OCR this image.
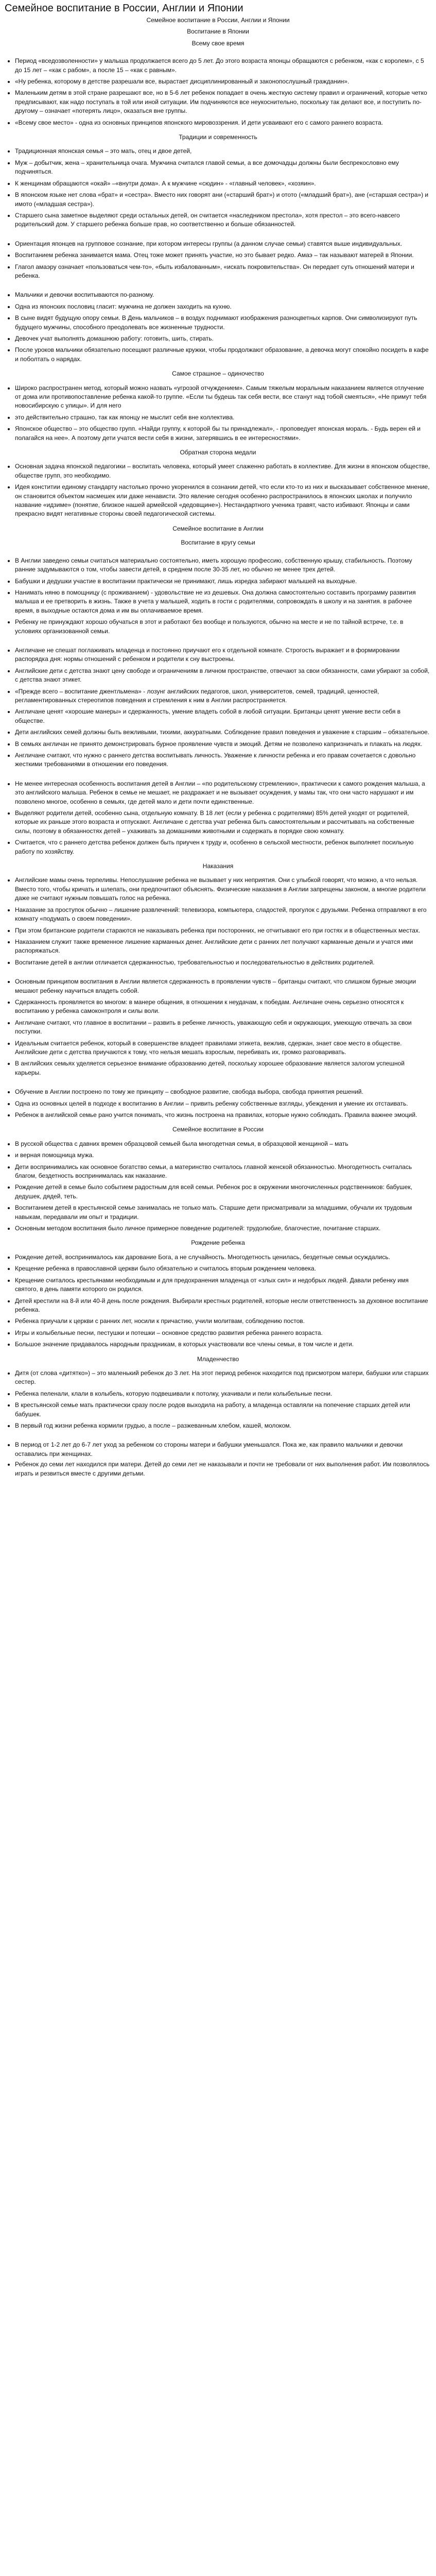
Семейное воспитание в России, Англии и Японии
Семейное воспитание в России, Англии и Японии
Воспитание в Японии
Всему свое время
• Период «вседозволенности» у малыша продолжается всего до 5 лет. До этого возраста японцы обращаются с ребенком, «как с королем», с 5 до 15 лет – «как с рабом», а после 15 – «как с равным».
• «Ну ребенка, которому в детстве разрешали все, вырастает дисциплинированный и законопослушный гражданин».
• Маленьким детям в этой стране разрешают все, но в 5-6 лет ребенок попадает в очень жесткую систему правил и ограничений, которые четко предписывают, как надо поступать в той или иной ситуации. Им подчиняются все неукоснительно, поскольку так делают все, и поступить по-другому – означает «потерять лицо», оказаться вне группы.
• «Всему свое место» - одна из основных принципов японского мировоззрения. И дети усваивают его с самого раннего возраста.
Традиции и современность
• Традиционная японская семья – это мать, отец и двое детей,
• Муж – добытчик, жена – хранительница очага. Мужчина считался главой семьи, а все домочадцы должны были беспрекословно ему подчиняться.
• К женщинам обращаются «окай» –«внутри дома». А к мужчине «сюдин» - «главный человек», «хозяин».
• В японском языке нет слова «брат» и «сестра». Вместо них говорят ани («старший брат») и отото («младший брат»), ане («старшая сестра») и имото («младшая сестра»).
• Старшего сына заметное выделяют среди остальных детей, он считается «наследником престола», хотя престол – это всего-навсего родительский дом. У старшего ребенка больше прав, но соответственно и больше обязанностей.
• Ориентация японцев на групповое сознание, при котором интересы группы (а данном случае семьи) ставятся выше индивидуальных.
• Воспитанием ребенка занимается мама. Отец тоже может принять участие, но это бывает редко. Амаэ – так называют матерей в Японии.
• Глагол амаэру означает «пользоваться чем-то», «быть избалованным», «искать покровительства». Он передает суть отношений матери и ребенка.
• Мальчики и девочки воспитываются по-разному.
• Одна из японских пословиц гласит: мужчина не должен заходить на кухню.
• В сыне видят будущую опору семьи. В День мальчиков – в воздух поднимают изображения разноцветных карпов. Они символизируют путь будущего мужчины, способного преодолевать все жизненные трудности.
• Девочек учат выполнять домашнюю работу: готовить, шить, стирать.
• После уроков мальчики обязательно посещают различные кружки, чтобы продолжают образование, а девочка могут спокойно посидеть в кафе и поболтать о нарядах.
Самое страшное – одиночество
• Широко распространен метод, который можно назвать «угрозой отчуждением». Самым тяжелым моральным наказанием является отлучение от дома или противопоставление ребенка какой-то группе. «Если ты будешь так себя вести, все станут над тобой смеяться», «Не примут тебя новосибирскую с улицы». И для него
• это действительно страшно, так как японцу не мыслит себя вне коллектива.
• Японское общество – это общество групп. «Найди группу, к которой бы ты принадлежал», - проповедует японская мораль. - Будь верен ей и полагайся на нее». А поэтому дети учатся вести себя в жизни, затерявшись в ее интересностями».
Обратная сторона медали
• Основная задача японской педагогики – воспитать человека, который умеет слаженно работать в коллективе. Для жизни в японском обществе, обществе групп, это необходимо.
• Идея конститии единому стандарту настолько прочно укоренился в сознании детей, что если кто-то из них и высказывает собственное мнение, он становится объектом насмешек или даже ненависти. Это явление сегодня особенно распространилось в японских школах и получило название «идзиме» (понятие, близкое нашей армейской «дедовщине»). Нестандартного ученика травят, часто избивают. Японцы и сами прекрасно видят негативные стороны своей педагогической системы.
Семейное воспитание в Англии
Воспитание в кругу семьи
• В Англии заведено семьи считаться материально состоятельно, иметь хорошую профессию, собственную крышу, стабильность. Поэтому ранние задумываются о том, чтобы завести детей, в среднем после 30-35 лет, но обычно не менее трех детей.
• Бабушки и дедушки участие в воспитании практически не принимают, лишь изредка забирают малышей на выходные.
• Нанимать няню в помощницу (с проживанием) - удовольствие не из дешевых. Она должна самостоятельно составить программу развития малыша и ее претворить в жизнь. Также в учета у малышей, ходить в гости с родителями, сопровождать в школу и на занятия. в рабочее время, в выходные остаются дома и им вы оплачиваемое время.
• Ребенку не принуждают хорошо обучаться в этот и работают без вообще и пользуются, обычно на месте и не по тайной встрече, т.е. в условиях организованной семьи.
• Англичане не спешат поглаживать младенца и постоянно приучают его к отдельной комнате. Строгость выражает и в формировании распорядка дня: нормы отношений с ребенком и родители к сну выстроены.
• Английские дети с детства знают цену свободе и ограничениям в личном пространстве, отвечают за свои обязанности, сами убирают за собой, с детства знают этикет.
• «Прежде всего – воспитание джентльмена» - лозунг английских педагогов, школ, университетов, семей, традиций, ценностей, регламентированных стереотипов поведения и стремления к ним в Англии распространяется.
• Англичане ценят «хорошие манеры» и сдержанность, умение владеть собой в любой ситуации. Британцы ценят умение вести себя в обществе.
• Дети английских семей должны быть вежливыми, тихими, аккуратными. Соблюдение правил поведения и уважение к старшим – обязательное.
• В семьях англичан не принято демонстрировать бурное проявление чувств и эмоций. Детям не позволено капризничать и плакать на людях.
• Англичане считают, что нужно с раннего детства воспитывать личность. Уважение к личности ребенка и его правам сочетается с довольно жесткими требованиями в отношении его поведения.
• Не менее интересная особенность воспитания детей в Англии – «по родительскому стремлению», практически к самого рождения малыша, а это английского малыша. Ребенок в семье не мешает, не раздражает и не вызывает осуждения, у мамы так, что они часто нарушают и им позволено многое, особенно в семьях, где детей мало и дети почти единственные.
• Выделяют родители детей, особенно сына, отдельную комнату. В 18 лет (если у ребенка с родителями) 85% детей уходят от родителей, которые их раньше этого возраста и отпускают. Англичане с детства учат ребенка быть самостоятельным и рассчитывать на собственные силы, поэтому в обязанностях детей – ухаживать за домашними животными и содержать в порядке свою комнату.
• Считается, что с раннего детства ребенок должен быть приучен к труду и, особенно в сельской местности, ребенок выполняет посильную работу по хозяйству.
Наказания
• Английские мамы очень терпеливы. Непослушание ребенка не вызывает у них неприятия. Они с улыбкой говорят, что можно, а что нельзя. Вместо того, чтобы кричать и шлепать, они предпочитают объяснять. Физические наказания в Англии запрещены законом, а многие родители даже не считают нужным повышать голос на ребенка.
• Наказание за проступок обычно – лишение развлечений: телевизора, компьютера, сладостей, прогулок с друзьями. Ребенка отправляют в его комнату «подумать о своем поведении».
• При этом британские родители стараются не наказывать ребенка при посторонних, не отчитывают его при гостях и в общественных местах.
• Наказанием служит также временное лишение карманных денег. Английские дети с ранних лет получают карманные деньги и учатся ими распоряжаться.
• Воспитание детей в англии отличается сдержанностью, требовательностью и последовательностью в действиях родителей.
• Основным принципом воспитания в Англии является сдержанность в проявлении чувств – британцы считают, что слишком бурные эмоции мешают ребенку научиться владеть собой.
• Сдержанность проявляется во многом: в манере общения, в отношении к неудачам, к победам. Англичане очень серьезно относятся к воспитанию у ребенка самоконтроля и силы воли.
• Англичане считают, что главное в воспитании – развить в ребенке личность, уважающую себя и окружающих, умеющую отвечать за свои поступки.
• Идеальным считается ребенок, который в совершенстве владеет правилами этикета, вежлив, сдержан, знает свое место в обществе. Английские дети с детства приучаются к тому, что нельзя мешать взрослым, перебивать их, громко разговаривать.
• В английских семьях уделяется серьезное внимание образованию детей, поскольку хорошее образование является залогом успешной карьеры.
• Обучение в Англии построено по тому же принципу – свободное развитие, свобода выбора, свобода принятия решений.
• Одна из основных целей в подходе к воспитанию в Англии – привить ребенку собственные взгляды, убеждения и умение их отстаивать.
• Ребенок в английской семье рано учится понимать, что жизнь построена на правилах, которые нужно соблюдать. Правила важнее эмоций.
Семейное воспитание в России
• В русской общества с давних времен образцовой семьей была многодетная семья, в образцовой женщиной – мать
• и верная помощница мужа.
• Дети воспринимались как основное богатство семьи, а материнство считалось главной женской обязанностью. Многодетность считалась благом, бездетность воспринималась как наказание.
• Рождение детей в семье было событием радостным для всей семьи. Ребенок рос в окружении многочисленных родственников: бабушек, дедушек, дядей, теть.
• Воспитанием детей в крестьянской семье занималась не только мать. Старшие дети присматривали за младшими, обучали их трудовым навыкам, передавали им опыт и традиции.
• Основным методом воспитания было личное примерное поведение родителей: трудолюбие, благочестие, почитание старших.
Рождение ребенка
• Рождение детей, воспринималось как дарование Бога, а не случайность. Многодетность ценилась, бездетные семьи осуждались.
• Крещение ребенка в православной церкви было обязательно и считалось вторым рождением человека.
• Крещение считалось крестьянами необходимым и для предохранения младенца от «злых сил» и недобрых людей. Давали ребенку имя святого, в день памяти которого он родился.
• Детей крестили на 8-й или 40-й день после рождения. Выбирали крестных родителей, которые несли ответственность за духовное воспитание ребенка.
• Ребенка приучали к церкви с ранних лет, носили к причастию, учили молитвам, соблюдению постов.
• Игры и колыбельные песни, пестушки и потешки – основное средство развития ребенка раннего возраста.
• Большое значение придавалось народным праздникам, в которых участвовали все члены семьи, в том числе и дети.
Младенчество
• Дитя (от слова «дитятко») – это маленький ребенок до 3 лет. На этот период ребенок находится под присмотром матери, бабушки или старших сестер.
• Ребенка пеленали, клали в колыбель, которую подвешивали к потолку, укачивали и пели колыбельные песни.
• В крестьянской семье мать практически сразу после родов выходила на работу, а младенца оставляли на попечение старших детей или бабушек.
• В первый год жизни ребенка кормили грудью, а после – разжеванным хлебом, кашей, молоком.
• В период от 1-2 лет до 6-7 лет уход за ребенком со стороны матери и бабушки уменьшался. Пока же, как правило мальчики и девочки оставались при женщинах.
• Ребенок до семи лет находился при матери. Детей до семи лет не наказывали и почти не требовали от них выполнения работ. Им позволялось играть и резвиться вместе с другими детьми.
